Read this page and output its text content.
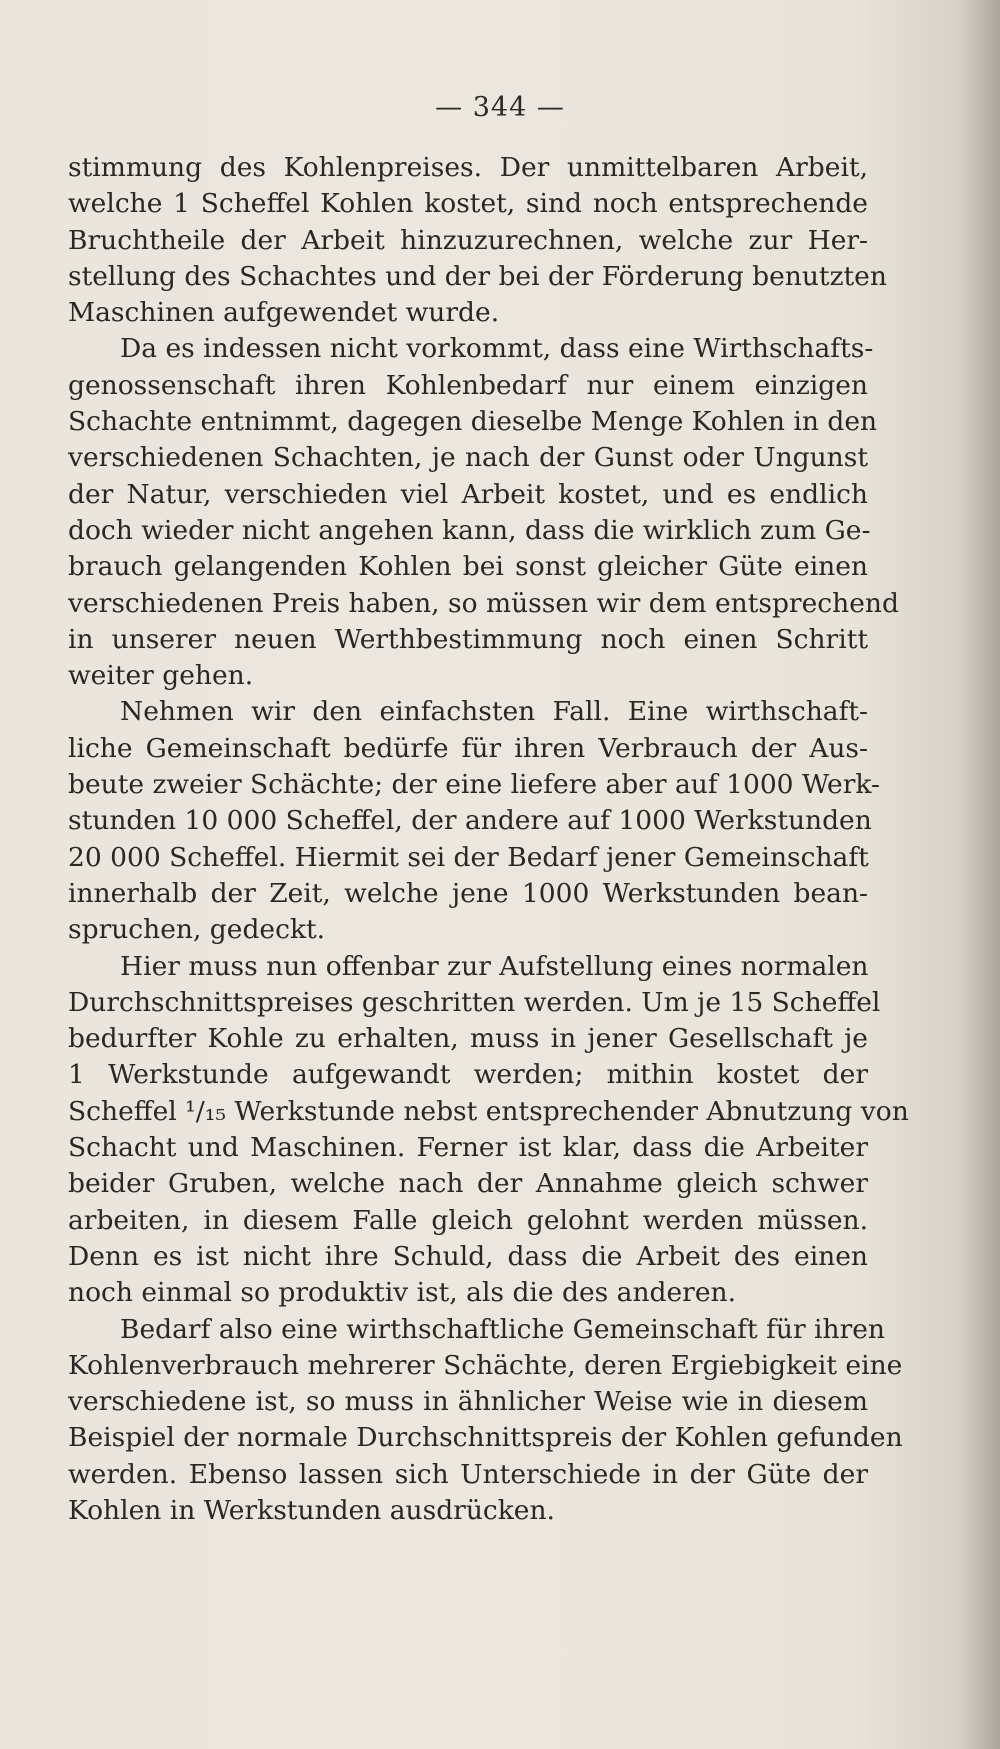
— 344 —
stimmung des Kohlenpreises. Der unmittelbaren Arbeit,
welche 1 Scheffel Kohlen kostet, sind noch entsprechende
Bruchtheile der Arbeit hinzuzurechnen, welche zur Her-
stellung des Schachtes und der bei der Förderung benutzten
Maschinen aufgewendet wurde.
Da es indessen nicht vorkommt, dass eine Wirthschafts-
genossenschaft ihren Kohlenbedarf nur einem einzigen
Schachte entnimmt, dagegen dieselbe Menge Kohlen in den
verschiedenen Schachten, je nach der Gunst oder Ungunst
der Natur, verschieden viel Arbeit kostet, und es endlich
doch wieder nicht angehen kann, dass die wirklich zum Ge-
brauch gelangenden Kohlen bei sonst gleicher Güte einen
verschiedenen Preis haben, so müssen wir dem entsprechend
in unserer neuen Werthbestimmung noch einen Schritt
weiter gehen.
Nehmen wir den einfachsten Fall. Eine wirthschaft-
liche Gemeinschaft bedürfe für ihren Verbrauch der Aus-
beute zweier Schächte; der eine liefere aber auf 1000 Werk-
stunden 10 000 Scheffel, der andere auf 1000 Werkstunden
20 000 Scheffel. Hiermit sei der Bedarf jener Gemeinschaft
innerhalb der Zeit, welche jene 1000 Werkstunden bean-
spruchen, gedeckt.
Hier muss nun offenbar zur Aufstellung eines normalen
Durchschnittspreises geschritten werden. Um je 15 Scheffel
bedurfter Kohle zu erhalten, muss in jener Gesellschaft je
1 Werkstunde aufgewandt werden; mithin kostet der
Scheffel ¹/₁₅ Werkstunde nebst entsprechender Abnutzung von
Schacht und Maschinen. Ferner ist klar, dass die Arbeiter
beider Gruben, welche nach der Annahme gleich schwer
arbeiten, in diesem Falle gleich gelohnt werden müssen.
Denn es ist nicht ihre Schuld, dass die Arbeit des einen
noch einmal so produktiv ist, als die des anderen.
Bedarf also eine wirthschaftliche Gemeinschaft für ihren
Kohlenverbrauch mehrerer Schächte, deren Ergiebigkeit eine
verschiedene ist, so muss in ähnlicher Weise wie in diesem
Beispiel der normale Durchschnittspreis der Kohlen gefunden
werden. Ebenso lassen sich Unterschiede in der Güte der
Kohlen in Werkstunden ausdrücken.
